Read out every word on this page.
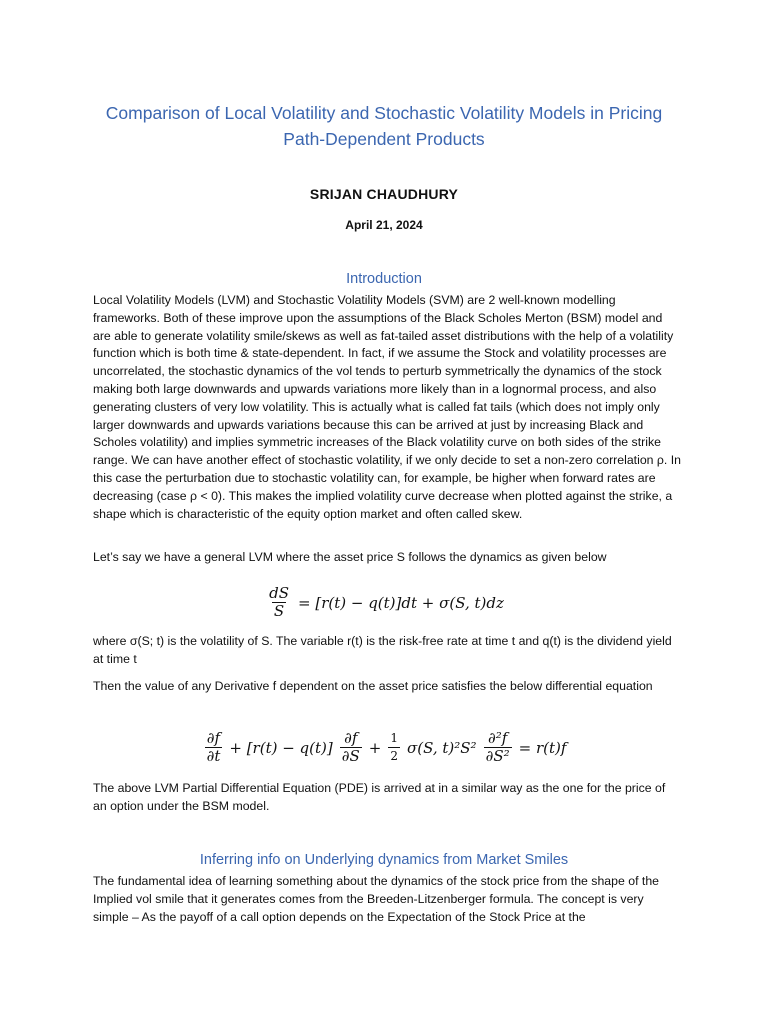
Comparison of Local Volatility and Stochastic Volatility Models in Pricing Path-Dependent Products
SRIJAN CHAUDHURY
April 21, 2024
Introduction

Local Volatility Models (LVM) and Stochastic Volatility Models (SVM) are 2 well-known modelling frameworks. Both of these improve upon the assumptions of the Black Scholes Merton (BSM) model and are able to generate volatility smile/skews as well as fat-tailed asset distributions with the help of a volatility function which is both time & state-dependent. In fact, if we assume the Stock and volatility processes are uncorrelated, the stochastic dynamics of the vol tends to perturb symmetrically the dynamics of the stock making both large downwards and upwards variations more likely than in a lognormal process, and also generating clusters of very low volatility. This is actually what is called fat tails (which does not imply only larger downwards and upwards variations because this can be arrived at just by increasing Black and Scholes volatility) and implies symmetric increases of the Black volatility curve on both sides of the strike range. We can have another effect of stochastic volatility, if we only decide to set a non-zero correlation ρ. In this case the perturbation due to stochastic volatility can, for example, be higher when forward rates are decreasing (case ρ < 0). This makes the implied volatility curve decrease when plotted against the strike, a shape which is characteristic of the equity option market and often called skew.

Let’s say we have a general LVM where the asset price S follows the dynamics as given below

$\frac{dS}{S} = [r(t) - q(t)]dt + \sigma(S$, t)dz

where σ(S; t) is the volatility of S. The variable r(t) is the risk-free rate at time t and q(t) is the dividend yield at time t

Then the value of any Derivative f dependent on the asset price satisfies the below differential equation

$\frac{\partial f}{\partial t} + [r(t) - q(t)] \frac{\partial f}{\partial S} + \frac{1}{2} \sigma(S$, $t)^2S^2 \frac{\text{∂²f}}{\text{∂S²}} = r(t)f$

The above LVM Partial Differential Equation (PDE) is arrived at in a similar way as the one for the price of an option under the BSM model.

Inferring info on Underlying dynamics from Market Smiles

The fundamental idea of learning something about the dynamics of the stock price from the shape of the Implied vol smile that it generates comes from the Breeden-Litzenberger formula. The concept is very simple – As the payoff of a call option depends on the Expectation of the Stock Price at the
